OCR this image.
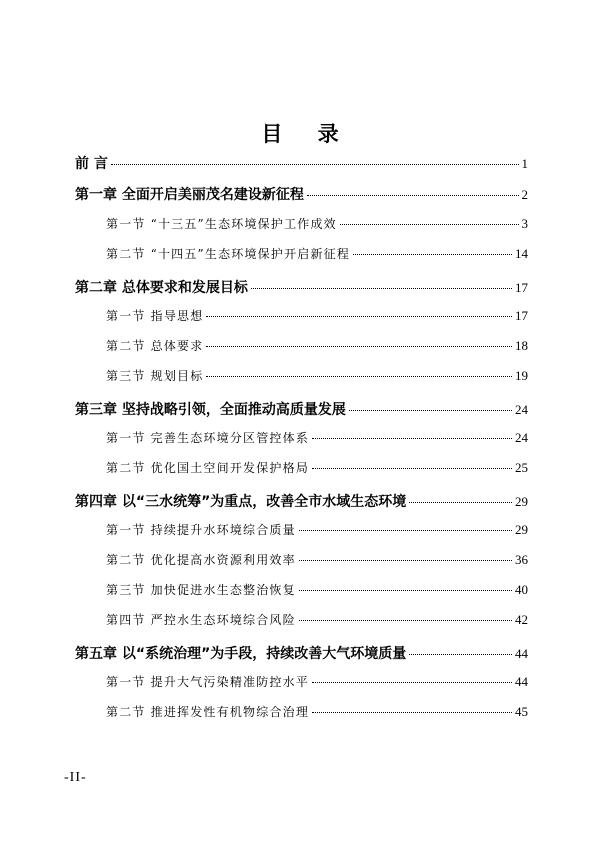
目 录
前 言	1
第一章 全面开启美丽茂名建设新征程	2
第一节 “十三五”生态环境保护工作成效	3
第二节 “十四五”生态环境保护开启新征程	14
第二章 总体要求和发展目标	17
第一节 指导思想	17
第二节 总体要求	18
第三节 规划目标	19
第三章 坚持战略引领，全面推动高质量发展	24
第一节 完善生态环境分区管控体系	24
第二节 优化国土空间开发保护格局	25
第四章 以“三水统筹”为重点，改善全市水域生态环境	29
第一节 持续提升水环境综合质量	29
第二节 优化提高水资源利用效率	36
第三节 加快促进水生态整治恢复	40
第四节 严控水生态环境综合风险	42
第五章 以“系统治理”为手段，持续改善大气环境质量	44
第一节 提升大气污染精准防控水平	44
第二节 推进挥发性有机物综合治理	45
-II-
